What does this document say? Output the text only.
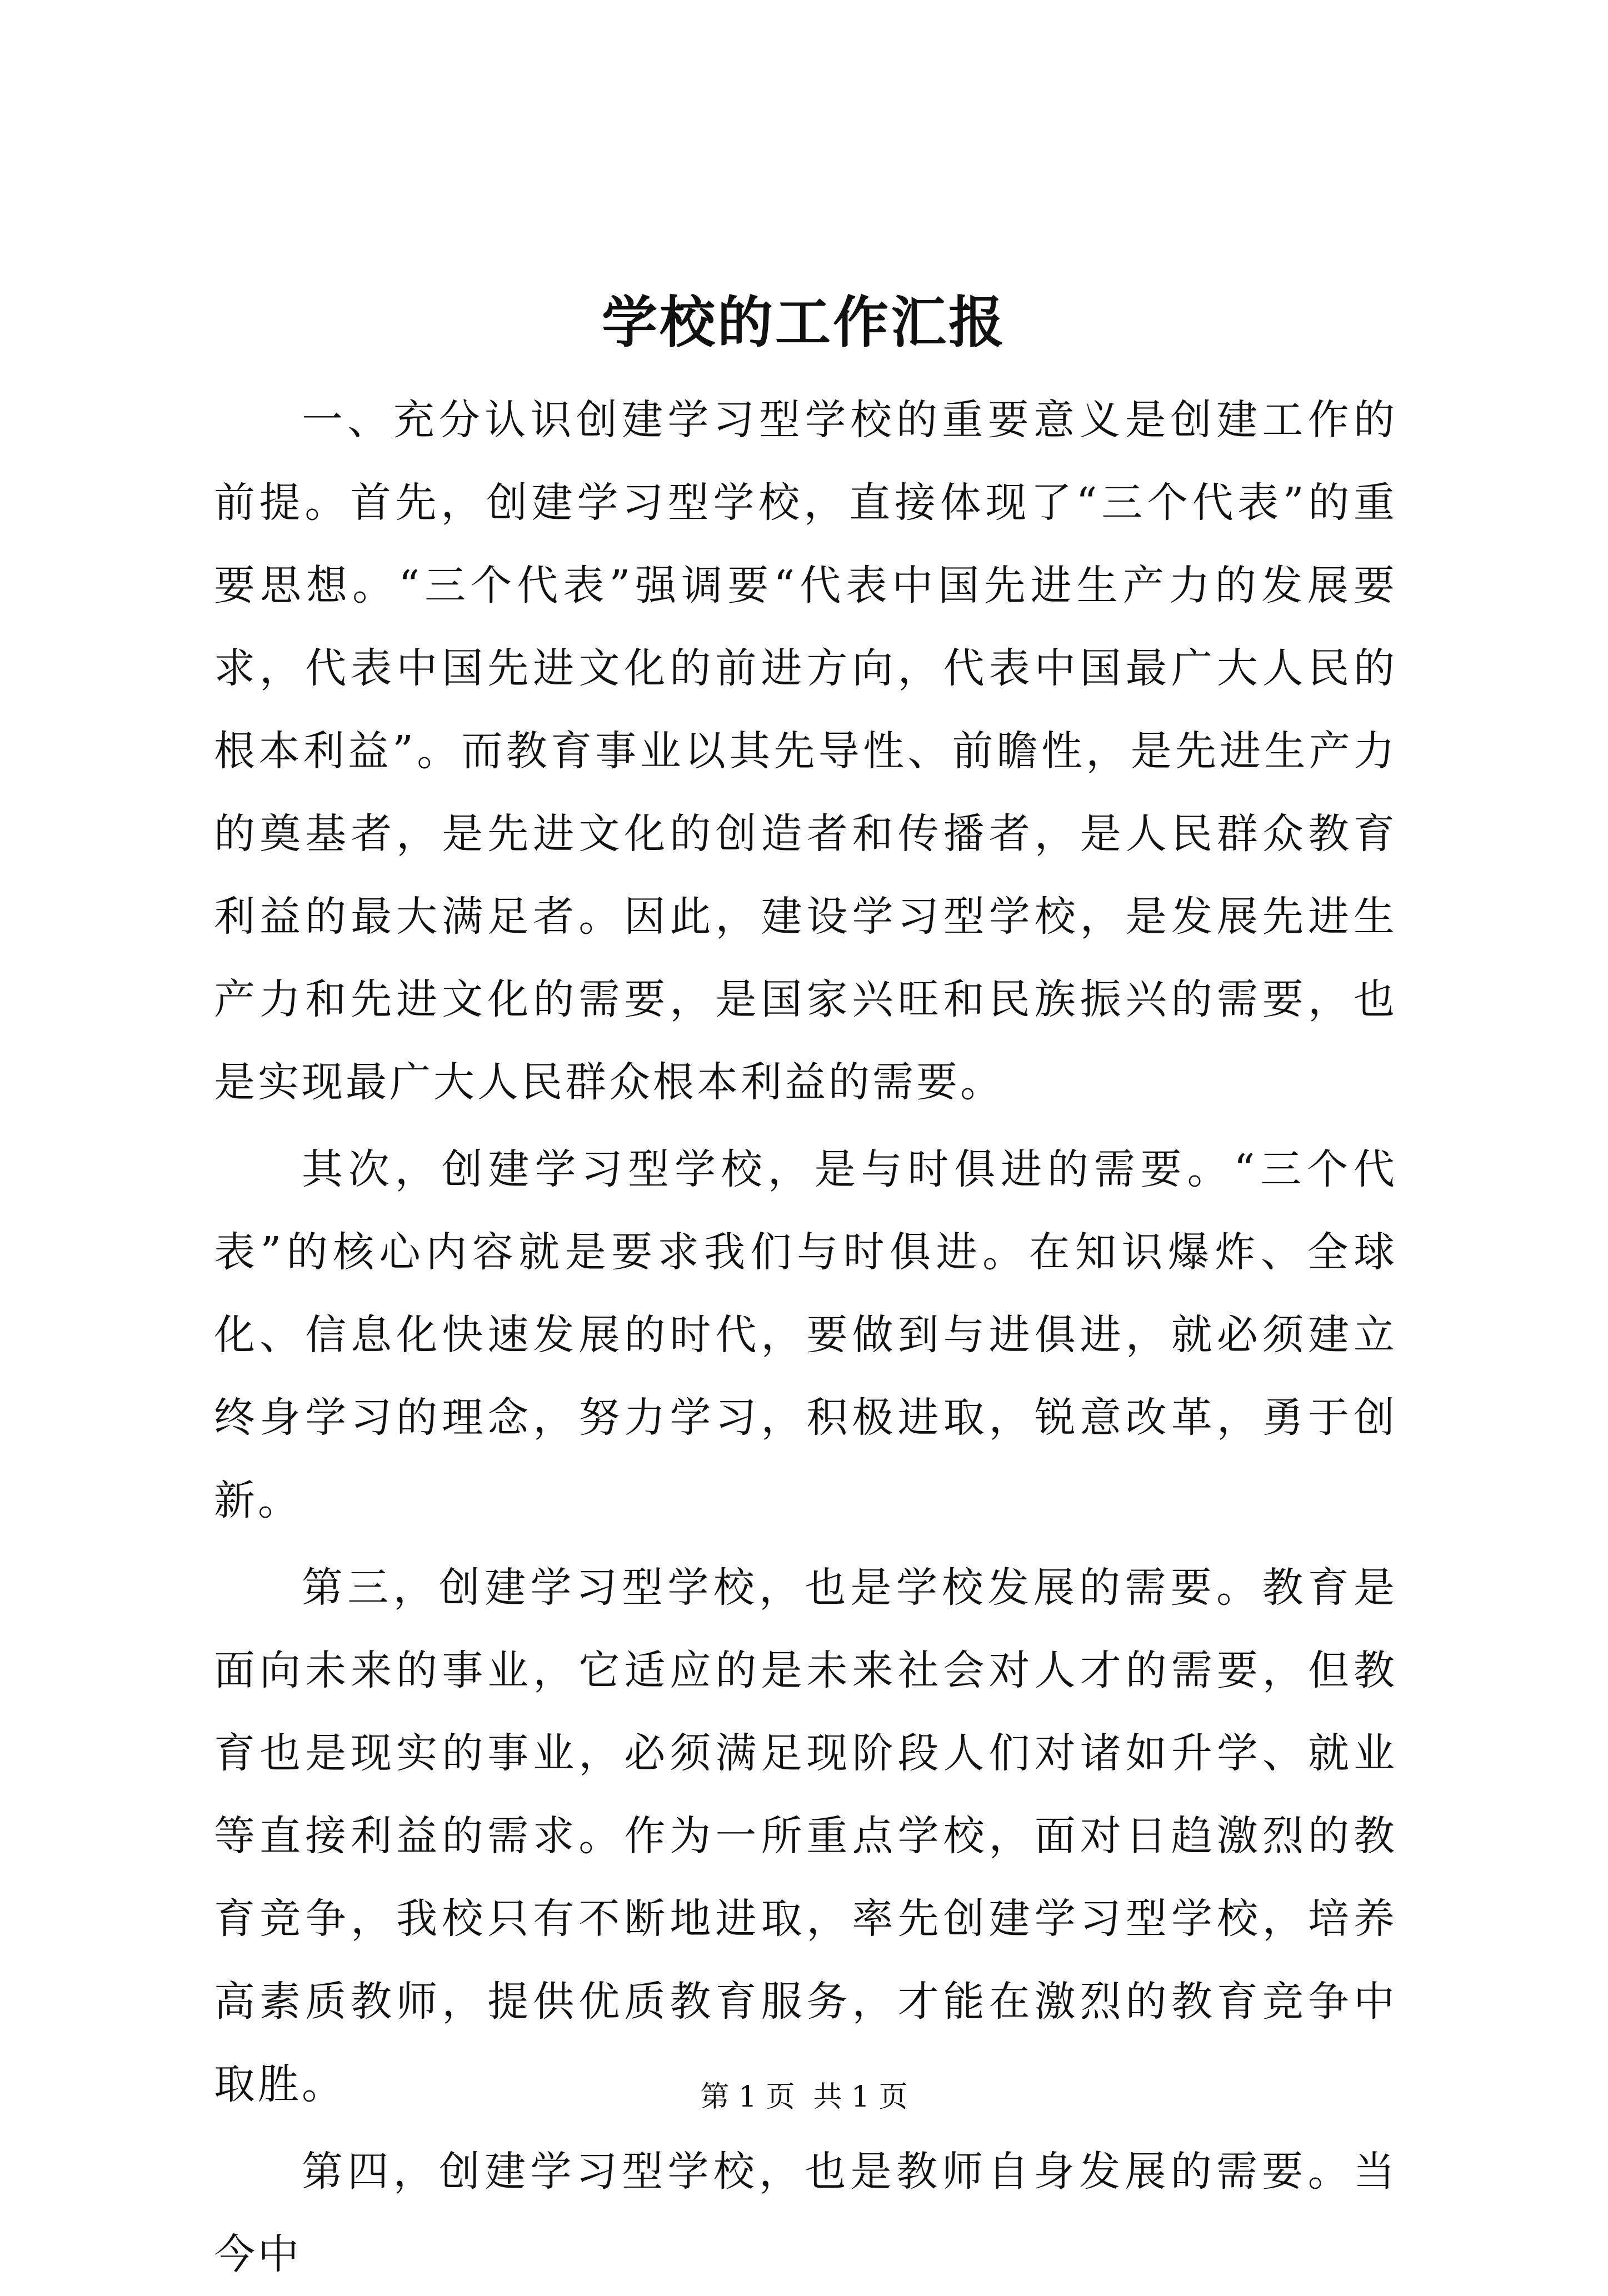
学校的工作汇报

一、充分认识创建学习型学校的重要意义是创建工作的前提。首先，创建学习型学校，直接体现了“三个代表”的重要思想。“三个代表”强调要“代表中国先进生产力的发展要求，代表中国先进文化的前进方向，代表中国最广大人民的根本利益”。而教育事业以其先导性、前瞻性，是先进生产力的奠基者，是先进文化的创造者和传播者，是人民群众教育利益的最大满足者。因此，建设学习型学校，是发展先进生产力和先进文化的需要，是国家兴旺和民族振兴的需要，也是实现最广大人民群众根本利益的需要。

其次，创建学习型学校，是与时俱进的需要。“三个代表”的核心内容就是要求我们与时俱进。在知识爆炸、全球化、信息化快速发展的时代，要做到与进俱进，就必须建立终身学习的理念，努力学习，积极进取，锐意改革，勇于创新。

第三，创建学习型学校，也是学校发展的需要。教育是面向未来的事业，它适应的是未来社会对人才的需要，但教育也是现实的事业，必须满足现阶段人们对诸如升学、就业等直接利益的需求。作为一所重点学校，面对日趋激烈的教育竞争，我校只有不断地进取，率先创建学习型学校，培养高素质教师，提供优质教育服务，才能在激烈的教育竞争中取胜。

第四，创建学习型学校，也是教师自身发展的需要。当今中

第 1 页  共 1 页
